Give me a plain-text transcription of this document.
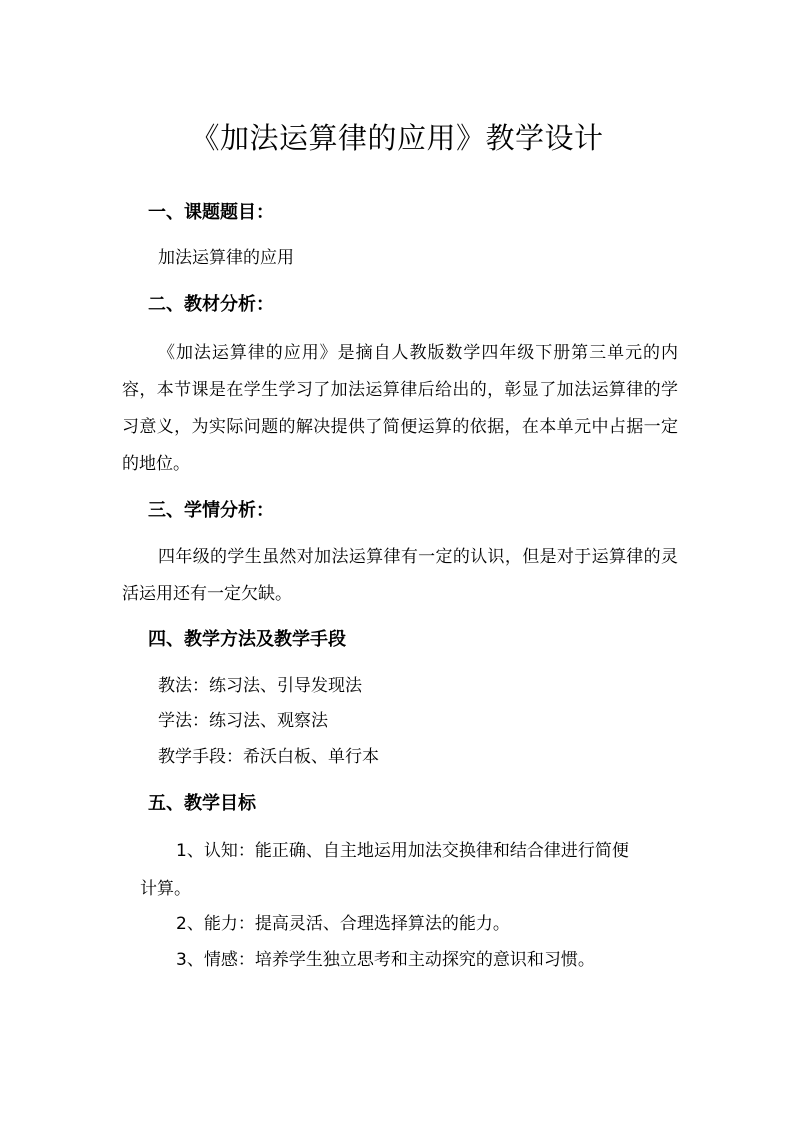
《加法运算律的应用》教学设计
一、课题题目：
加法运算律的应用
二、教材分析：
《加法运算律的应用》是摘自人教版数学四年级下册第三单元的内容，本节课是在学生学习了加法运算律后给出的，彰显了加法运算律的学习意义，为实际问题的解决提供了简便运算的依据，在本单元中占据一定的地位。
三、学情分析：
四年级的学生虽然对加法运算律有一定的认识，但是对于运算律的灵活运用还有一定欠缺。
四、教学方法及教学手段
教法：练习法、引导发现法
学法：练习法、观察法
教学手段：希沃白板、单行本
五、教学目标
1、认知：能正确、自主地运用加法交换律和结合律进行简便
计算。
2、能力：提高灵活、合理选择算法的能力。
3、情感：培养学生独立思考和主动探究的意识和习惯。
